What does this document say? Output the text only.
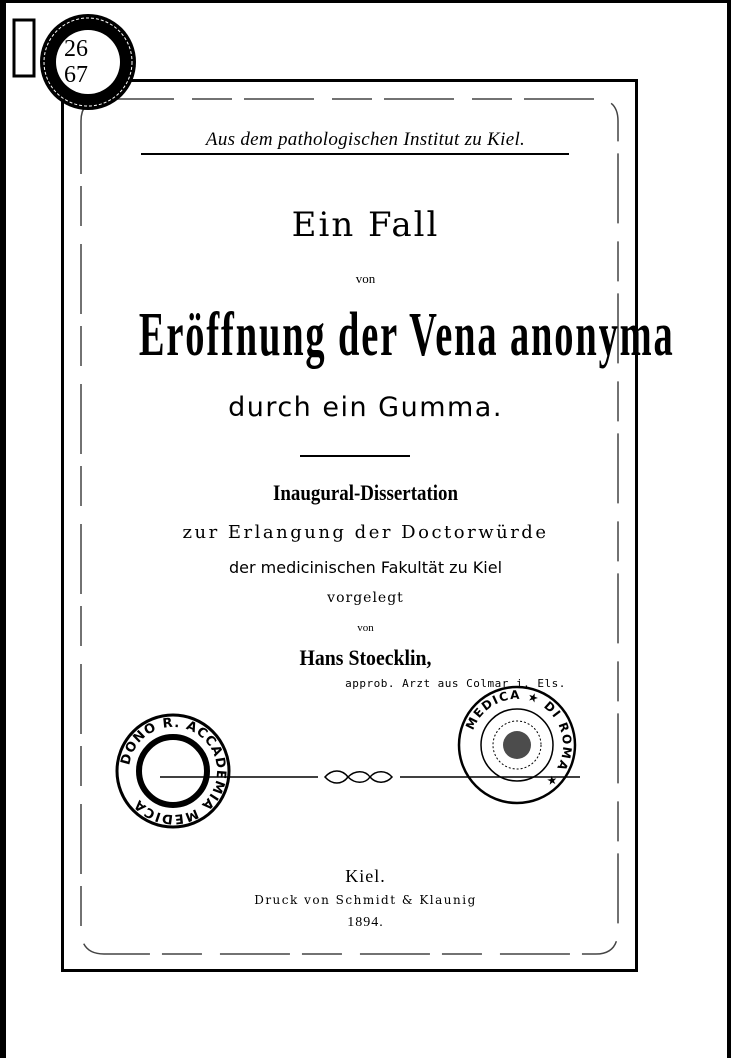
26
67
Aus dem pathologischen Institut zu Kiel.
Ein Fall
von
Eröffnung der Vena anonyma
durch ein Gumma.
Inaugural-Dissertation
zur Erlangung der Doctorwürde
der medicinischen Fakultät zu Kiel
vorgelegt
von
Hans Stoecklin,
approb. Arzt aus Colmar i. Els.
DONO R. ACCADEMIA MEDICA
MEDICA ★ DI ROMA ★
Kiel.
Druck von Schmidt & Klaunig
1894.
